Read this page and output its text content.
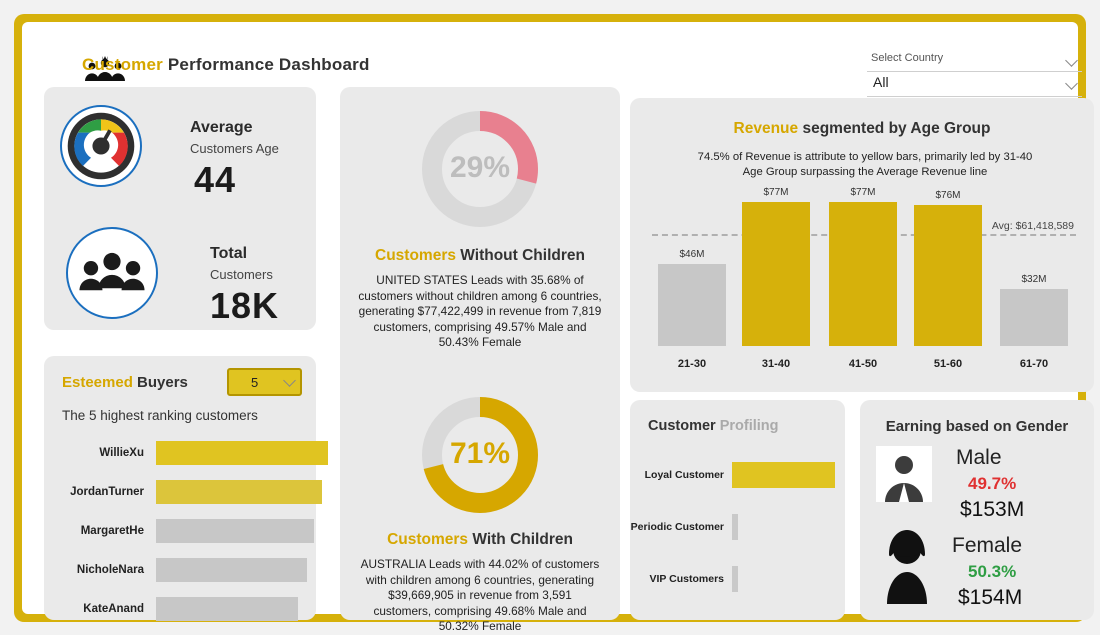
Customer Performance Dashboard	Select Country
All
Average
Customers Age
44
Total
Customers
18K
Esteemed Buyers	5
The 5 highest ranking customers
WillieXu
JordanTurner
MargaretHe
NicholeNara
KateAnand
29%
Customers Without Children
UNITED STATES Leads with 35.68% of customers without children among 6 countries, generating $77,422,499 in revenue from 7,819 customers, comprising 49.57% Male and 50.43% Female
71%
Customers With Children
AUSTRALIA Leads with 44.02% of customers with children among 6 countries, generating $39,669,905 in revenue from 3,591 customers, comprising 49.68% Male and 50.32% Female
Revenue segmented by Age Group
74.5% of Revenue is attribute to yellow bars, primarily led by 31-40 Age Group surpassing the Average Revenue line
Avg: $61,418,589
$46M
21-30
$77M
31-40
$77M
41-50
$76M
51-60
$32M
61-70
Customer Profiling
Loyal Customer
Periodic Customer
VIP Customers
Earning based on Gender
Male
49.7%
$153M
Female
50.3%
$154M
